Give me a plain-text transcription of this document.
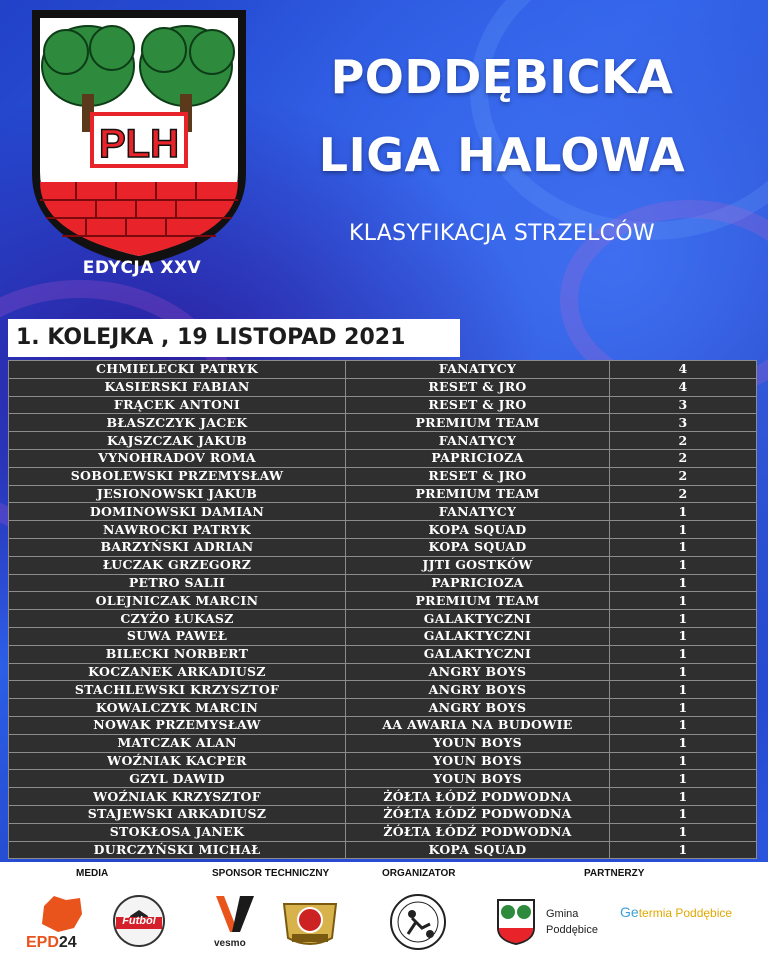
PLH
EDYCJA XXV
PODDĘBICKA
LIGA HALOWA
KLASYFIKACJA STRZELCÓW
1. KOLEJKA , 19 LISTOPAD 2021
CHMIELECKI PATRYK	FANATYCY	4
KASIERSKI FABIAN	RESET & JRO	4
FRĄCEK ANTONI	RESET & JRO	3
BŁASZCZYK JACEK	PREMIUM TEAM	3
KAJSZCZAK JAKUB	FANATYCY	2
VYNOHRADOV ROMA	PAPRICIOZA	2
SOBOLEWSKI PRZEMYSŁAW	RESET & JRO	2
JESIONOWSKI JAKUB	PREMIUM TEAM	2
DOMINOWSKI DAMIAN	FANATYCY	1
NAWROCKI PATRYK	KOPA SQUAD	1
BARZYŃSKI ADRIAN	KOPA SQUAD	1
ŁUCZAK GRZEGORZ	JJTI GOSTKÓW	1
PETRO SALII	PAPRICIOZA	1
OLEJNICZAK MARCIN	PREMIUM TEAM	1
CZYŻO ŁUKASZ	GALAKTYCZNI	1
SUWA PAWEŁ	GALAKTYCZNI	1
BILECKI NORBERT	GALAKTYCZNI	1
KOCZANEK ARKADIUSZ	ANGRY BOYS	1
STACHLEWSKI KRZYSZTOF	ANGRY BOYS	1
KOWALCZYK MARCIN	ANGRY BOYS	1
NOWAK PRZEMYSŁAW	AA AWARIA NA BUDOWIE	1
MATCZAK ALAN	YOUN BOYS	1
WOŹNIAK KACPER	YOUN BOYS	1
GZYL DAWID	YOUN BOYS	1
WOŹNIAK KRZYSZTOF	ŻÓŁTA ŁÓDŹ PODWODNA	1
STAJEWSKI ARKADIUSZ	ŻÓŁTA ŁÓDŹ PODWODNA	1
STOKŁOSA JANEK	ŻÓŁTA ŁÓDŹ PODWODNA	1
DURCZYŃSKI MICHAŁ	KOPA SQUAD	1
MEDIA	SPONSOR TECHNICZNY	ORGANIZATOR	PARTNERZY
EPD24
Futbol
vesmo
Gmina
Poddębice
Getermia Poddębice
